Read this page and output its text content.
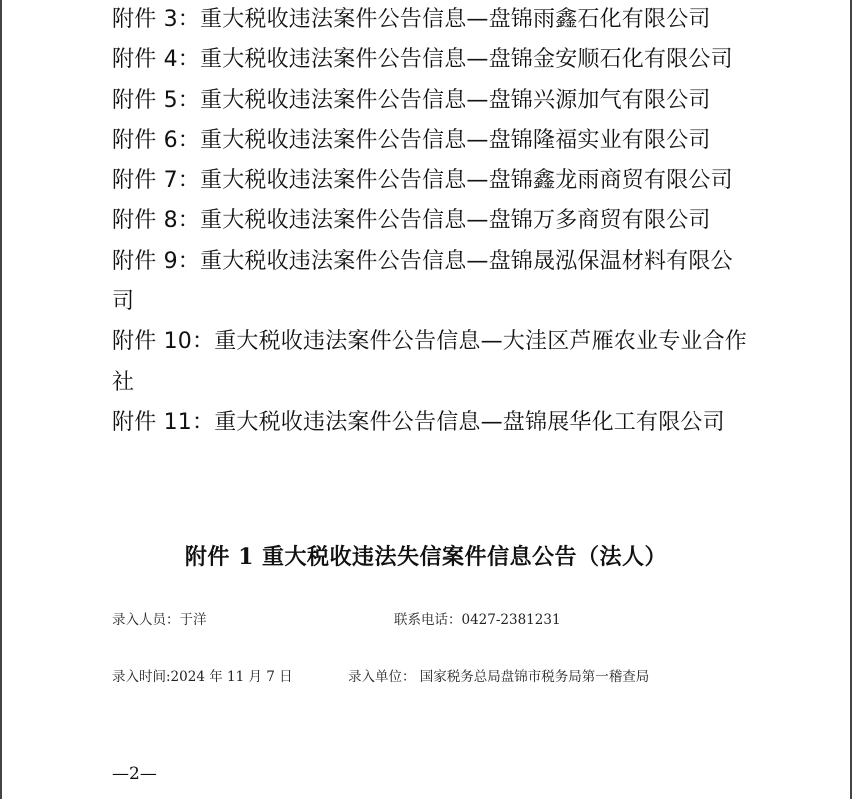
附件 3：重大税收违法案件公告信息—盘锦雨鑫石化有限公司
附件 4：重大税收违法案件公告信息—盘锦金安顺石化有限公司
附件 5：重大税收违法案件公告信息—盘锦兴源加气有限公司
附件 6：重大税收违法案件公告信息—盘锦隆福实业有限公司
附件 7：重大税收违法案件公告信息—盘锦鑫龙雨商贸有限公司
附件 8：重大税收违法案件公告信息—盘锦万多商贸有限公司
附件 9：重大税收违法案件公告信息—盘锦晟泓保温材料有限公司
附件 10：重大税收违法案件公告信息—大洼区芦雁农业专业合作社
附件 11：重大税收违法案件公告信息—盘锦展华化工有限公司
附件 1 重大税收违法失信案件信息公告（法人）
录入人员：于洋	联系电话：0427-2381231
录入时间:2024 年 11 月 7 日	录入单位： 国家税务总局盘锦市税务局第一稽查局
—2—
